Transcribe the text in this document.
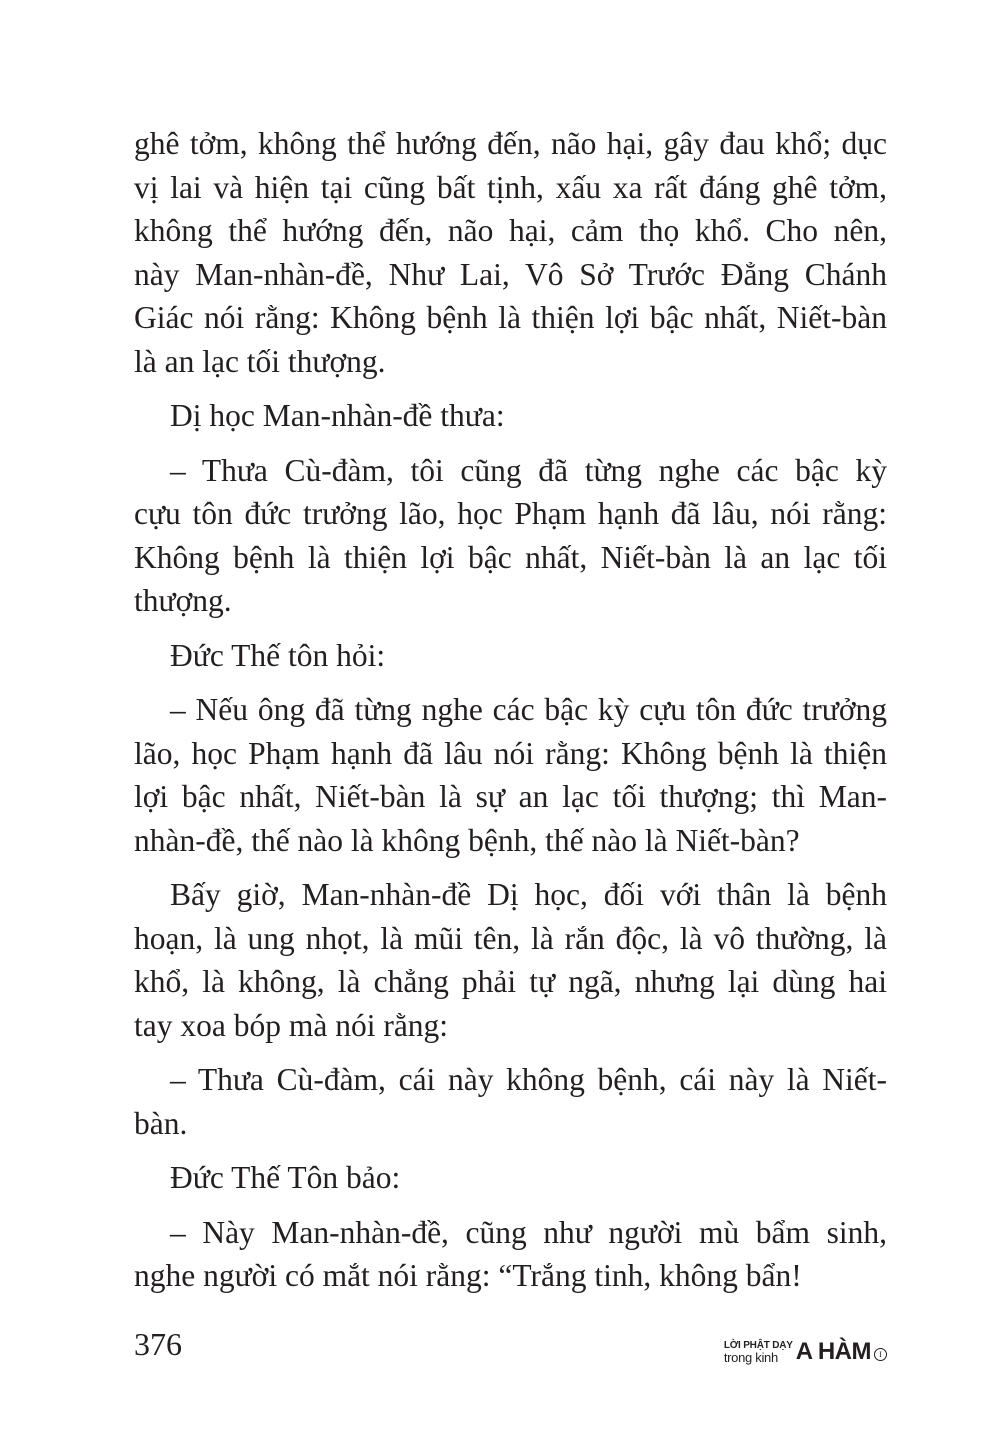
ghê tởm, không thể hướng đến, não hại, gây đau khổ; dục
vị lai và hiện tại cũng bất tịnh, xấu xa rất đáng ghê tởm,
không thể hướng đến, não hại, cảm thọ khổ. Cho nên,
này Man-nhàn-đề, Như Lai, Vô Sở Trước Đẳng Chánh
Giác nói rằng: Không bệnh là thiện lợi bậc nhất, Niết-bàn
là an lạc tối thượng.
Dị học Man-nhàn-đề thưa:
– Thưa Cù-đàm, tôi cũng đã từng nghe các bậc kỳ
cựu tôn đức trưởng lão, học Phạm hạnh đã lâu, nói rằng:
Không bệnh là thiện lợi bậc nhất, Niết-bàn là an lạc tối
thượng.
Đức Thế tôn hỏi:
– Nếu ông đã từng nghe các bậc kỳ cựu tôn đức trưởng
lão, học Phạm hạnh đã lâu nói rằng: Không bệnh là thiện
lợi bậc nhất, Niết-bàn là sự an lạc tối thượng; thì Man-
nhàn-đề, thế nào là không bệnh, thế nào là Niết-bàn?
Bấy giờ, Man-nhàn-đề Dị học, đối với thân là bệnh
hoạn, là ung nhọt, là mũi tên, là rắn độc, là vô thường, là
khổ, là không, là chẳng phải tự ngã, nhưng lại dùng hai
tay xoa bóp mà nói rằng:
– Thưa Cù-đàm, cái này không bệnh, cái này là Niết-
bàn.
Đức Thế Tôn bảo:
– Này Man-nhàn-đề, cũng như người mù bẩm sinh,
nghe người có mắt nói rằng: “Trắng tinh, không bẩn!
376	LỜI PHẬT DẠY
trong kinh A HÀM	I
